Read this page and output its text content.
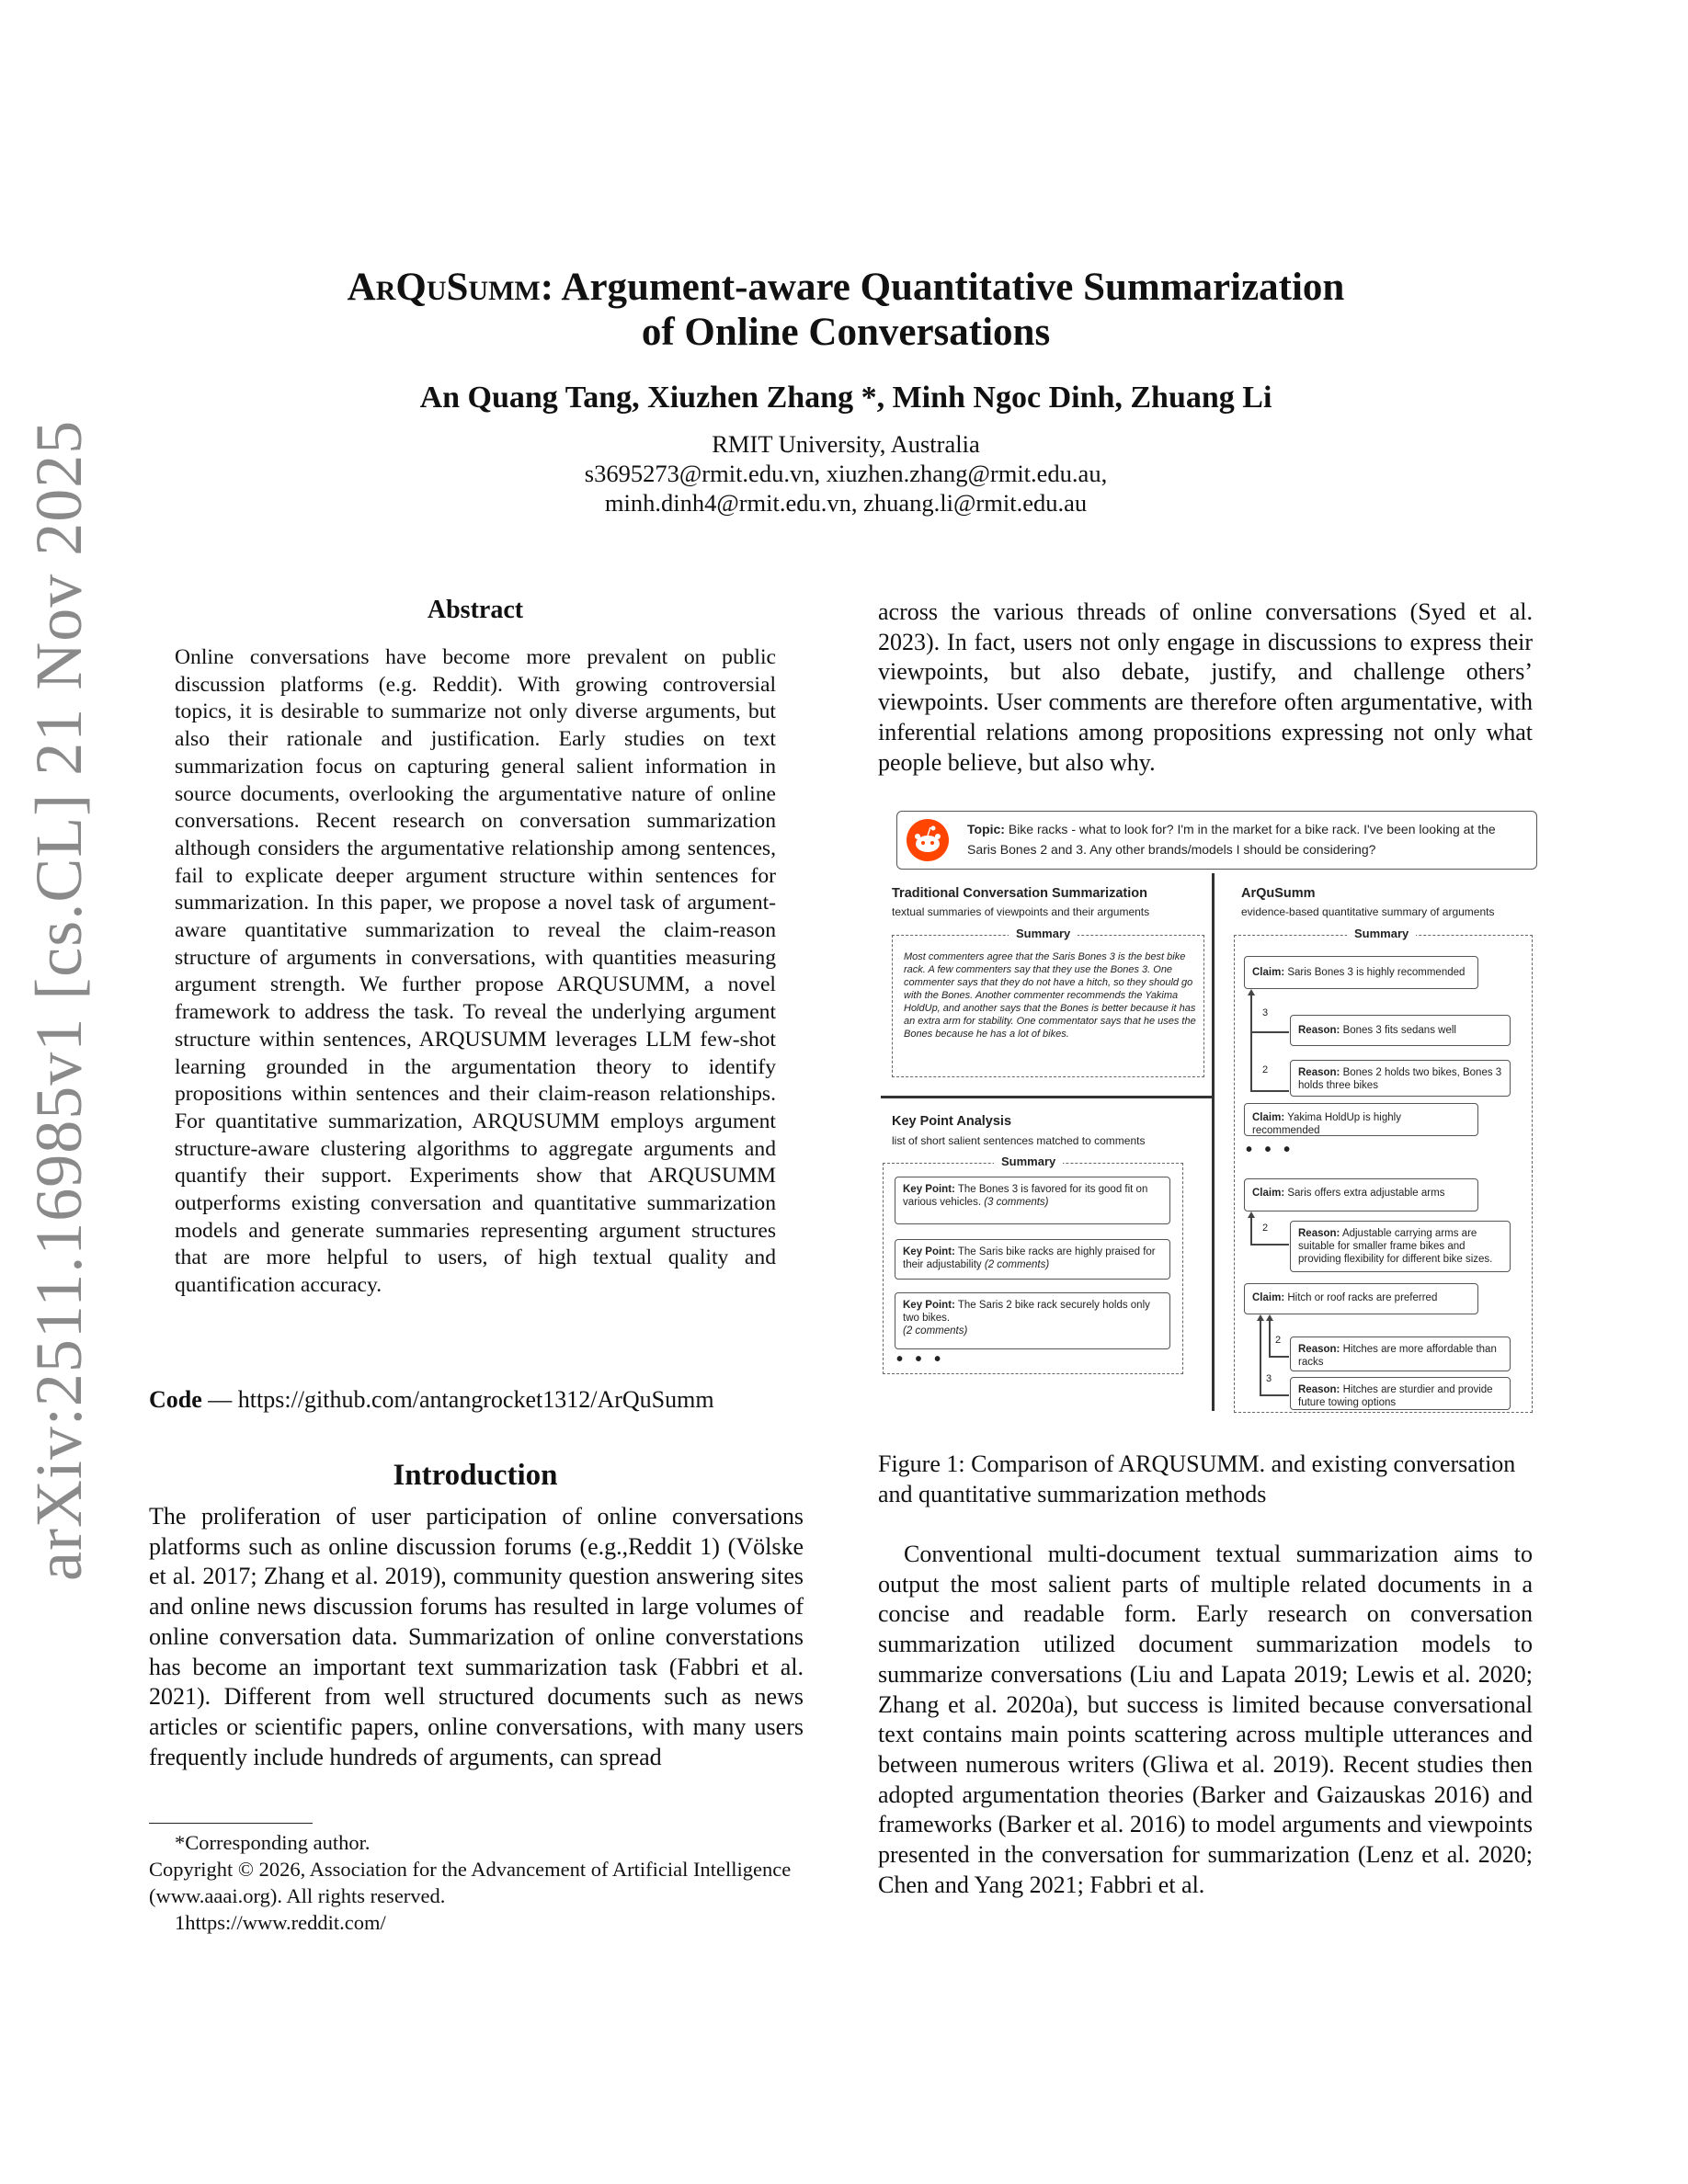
arXiv:2511.16985v1 [cs.CL] 21 Nov 2025
ArQuSumm: Argument-aware Quantitative Summarization
of Online Conversations
An Quang Tang, Xiuzhen Zhang *, Minh Ngoc Dinh, Zhuang Li
RMIT University, Australia
s3695273@rmit.edu.vn, xiuzhen.zhang@rmit.edu.au,
minh.dinh4@rmit.edu.vn, zhuang.li@rmit.edu.au
Abstract
Online conversations have become more prevalent on public discussion platforms (e.g. Reddit). With growing controversial topics, it is desirable to summarize not only diverse arguments, but also their rationale and justification. Early studies on text summarization focus on capturing general salient information in source documents, overlooking the argumentative nature of online conversations. Recent research on conversation summarization although considers the argumentative relationship among sentences, fail to explicate deeper argument structure within sentences for summarization. In this paper, we propose a novel task of argument-aware quantitative summarization to reveal the claim-reason structure of arguments in conversations, with quantities measuring argument strength. We further propose ARQUSUMM, a novel framework to address the task. To reveal the underlying argument structure within sentences, ARQUSUMM leverages LLM few-shot learning grounded in the argumentation theory to identify propositions within sentences and their claim-reason relationships. For quantitative summarization, ARQUSUMM employs argument structure-aware clustering algorithms to aggregate arguments and quantify their support. Experiments show that ARQUSUMM outperforms existing conversation and quantitative summarization models and generate summaries representing argument structures that are more helpful to users, of high textual quality and quantification accuracy.
Code — https://github.com/antangrocket1312/ArQuSumm
Introduction
The proliferation of user participation of online conversations platforms such as online discussion forums (e.g.,Reddit 1) (Völske et al. 2017; Zhang et al. 2019), community question answering sites and online news discussion forums has resulted in large volumes of online conversation data. Summarization of online converstations has become an important text summarization task (Fabbri et al. 2021). Different from well structured documents such as news articles or scientific papers, online conversations, with many users frequently include hundreds of arguments, can spread
*Corresponding author.
Copyright © 2026, Association for the Advancement of Artificial Intelligence (www.aaai.org). All rights reserved.
1https://www.reddit.com/
across the various threads of online conversations (Syed et al. 2023). In fact, users not only engage in discussions to express their viewpoints, but also debate, justify, and challenge others’ viewpoints. User comments are therefore often argumentative, with inferential relations among propositions expressing not only what people believe, but also why.
Topic: Bike racks - what to look for? I'm in the market for a bike rack. I've been looking at the Saris Bones 2 and 3. Any other brands/models I should be considering?
Traditional Conversation Summarization
textual summaries of viewpoints and their arguments
Summary
Most commenters agree that the Saris Bones 3 is the best bike rack. A few commenters say that they use the Bones 3. One commenter says that they do not have a hitch, so they should go with the Bones. Another commenter recommends the Yakima HoldUp, and another says that the Bones is better because it has an extra arm for stability. One commentator says that he uses the Bones because he has a lot of bikes.
Key Point Analysis
list of short salient sentences matched to comments
Summary
Key Point: The Bones 3 is favored for its good fit on various vehicles. (3 comments)
Key Point: The Saris bike racks are highly praised for their adjustability (2 comments)
Key Point: The Saris 2 bike rack securely holds only two bikes.
(2 comments)
• • •
ArQuSumm
evidence-based quantitative summary of arguments
Summary
Claim: Saris Bones 3 is highly recommended
3
Reason: Bones 3 fits sedans well
2	Reason: Bones 2 holds two bikes, Bones 3 holds three bikes
Claim: Yakima HoldUp is highly recommended
• • •
Claim: Saris offers extra adjustable arms
2	Reason: Adjustable carrying arms are suitable for smaller frame bikes and providing flexibility for different bike sizes.
Claim: Hitch or roof racks are preferred
2
Reason: Hitches are more affordable than racks
3
Reason: Hitches are sturdier and provide future towing options
Figure 1: Comparison of ARQUSUMM. and existing conversation and quantitative summarization methods
Conventional multi-document textual summarization aims to output the most salient parts of multiple related documents in a concise and readable form. Early research on conversation summarization utilized document summarization models to summarize conversations (Liu and Lapata 2019; Lewis et al. 2020; Zhang et al. 2020a), but success is limited because conversational text contains main points scattering across multiple utterances and between numerous writers (Gliwa et al. 2019). Recent studies then adopted argumentation theories (Barker and Gaizauskas 2016) and frameworks (Barker et al. 2016) to model arguments and viewpoints presented in the conversation for summarization (Lenz et al. 2020; Chen and Yang 2021; Fabbri et al.
